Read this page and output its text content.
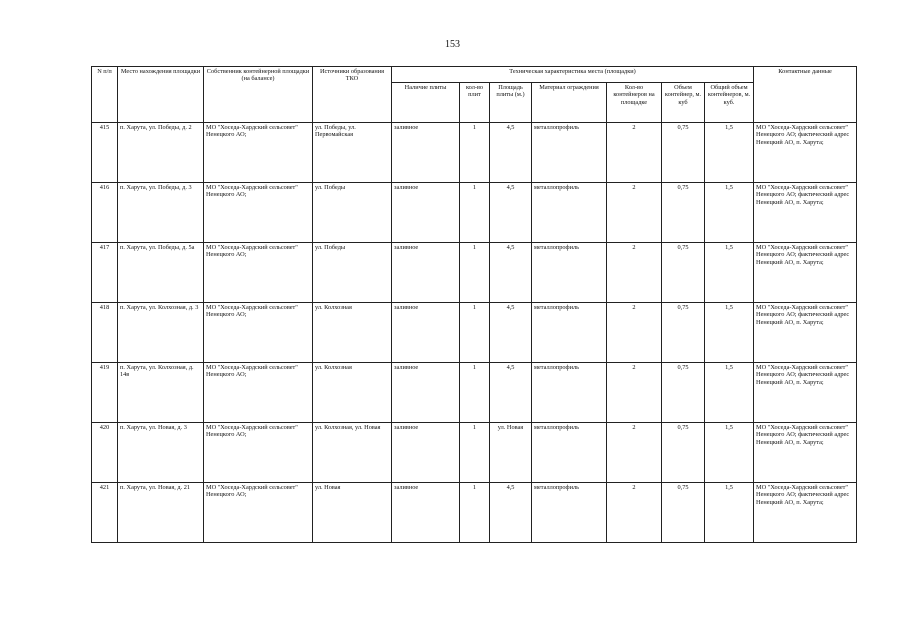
153
N п/п	Место нахождения площадки	Собственник контейнерной площадки (на балансе)	Источники образования ТКО	Техническая характеристика места (площадки)							Контактные данные
				Наличие плиты	кол-во плит	Площадь плиты (м.)	Материал ограждения	Кол-во контейнеров на площадке	Объем контейнер, м. куб	Общий объем контейнеров, м. куб.	
415	п. Харута, ул. Победы, д. 2	МО "Хоседа-Хардский сельсовет" Ненецкого АО;	ул. Победы, ул. Первомайская	заливное	1	4,5	металлопрофиль	2	0,75	1,5	МО "Хоседа-Хардский сельсовет" Ненецкого АО; фактический адрес Ненецкий АО, п. Харута;
416	п. Харута, ул. Победы, д. 3	МО "Хоседа-Хардский сельсовет" Ненецкого АО;	ул. Победы	заливное	1	4,5	металлопрофиль	2	0,75	1,5	МО "Хоседа-Хардский сельсовет" Ненецкого АО; фактический адрес Ненецкий АО, п. Харута;
417	п. Харута, ул. Победы, д. 5а	МО "Хоседа-Хардский сельсовет" Ненецкого АО;	ул. Победы	заливное	1	4,5	металлопрофиль	2	0,75	1,5	МО "Хоседа-Хардский сельсовет" Ненецкого АО; фактический адрес Ненецкий АО, п. Харута;
418	п. Харута, ул. Колхозная, д. 3	МО "Хоседа-Хардский сельсовет" Ненецкого АО;	ул. Колхозная	заливное	1	4,5	металлопрофиль	2	0,75	1,5	МО "Хоседа-Хардский сельсовет" Ненецкого АО; фактический адрес Ненецкий АО, п. Харута;
419	п. Харута, ул. Колхозная, д. 14в	МО "Хоседа-Хардский сельсовет" Ненецкого АО;	ул. Колхозная	заливное	1	4,5	металлопрофиль	2	0,75	1,5	МО "Хоседа-Хардский сельсовет" Ненецкого АО; фактический адрес Ненецкий АО, п. Харута;
420	п. Харута, ул. Новая, д. 3	МО "Хоседа-Хардский сельсовет" Ненецкого АО;	ул. Колхозная, ул. Новая	заливное	1	ул. Новая	металлопрофиль	2	0,75	1,5	МО "Хоседа-Хардский сельсовет" Ненецкого АО; фактический адрес Ненецкий АО, п. Харута;
421	п. Харута, ул. Новая, д. 21	МО "Хоседа-Хардский сельсовет" Ненецкого АО;	ул. Новая	заливное	1	4,5	металлопрофиль	2	0,75	1,5	МО "Хоседа-Хардский сельсовет" Ненецкого АО; фактический адрес Ненецкий АО, п. Харута;
